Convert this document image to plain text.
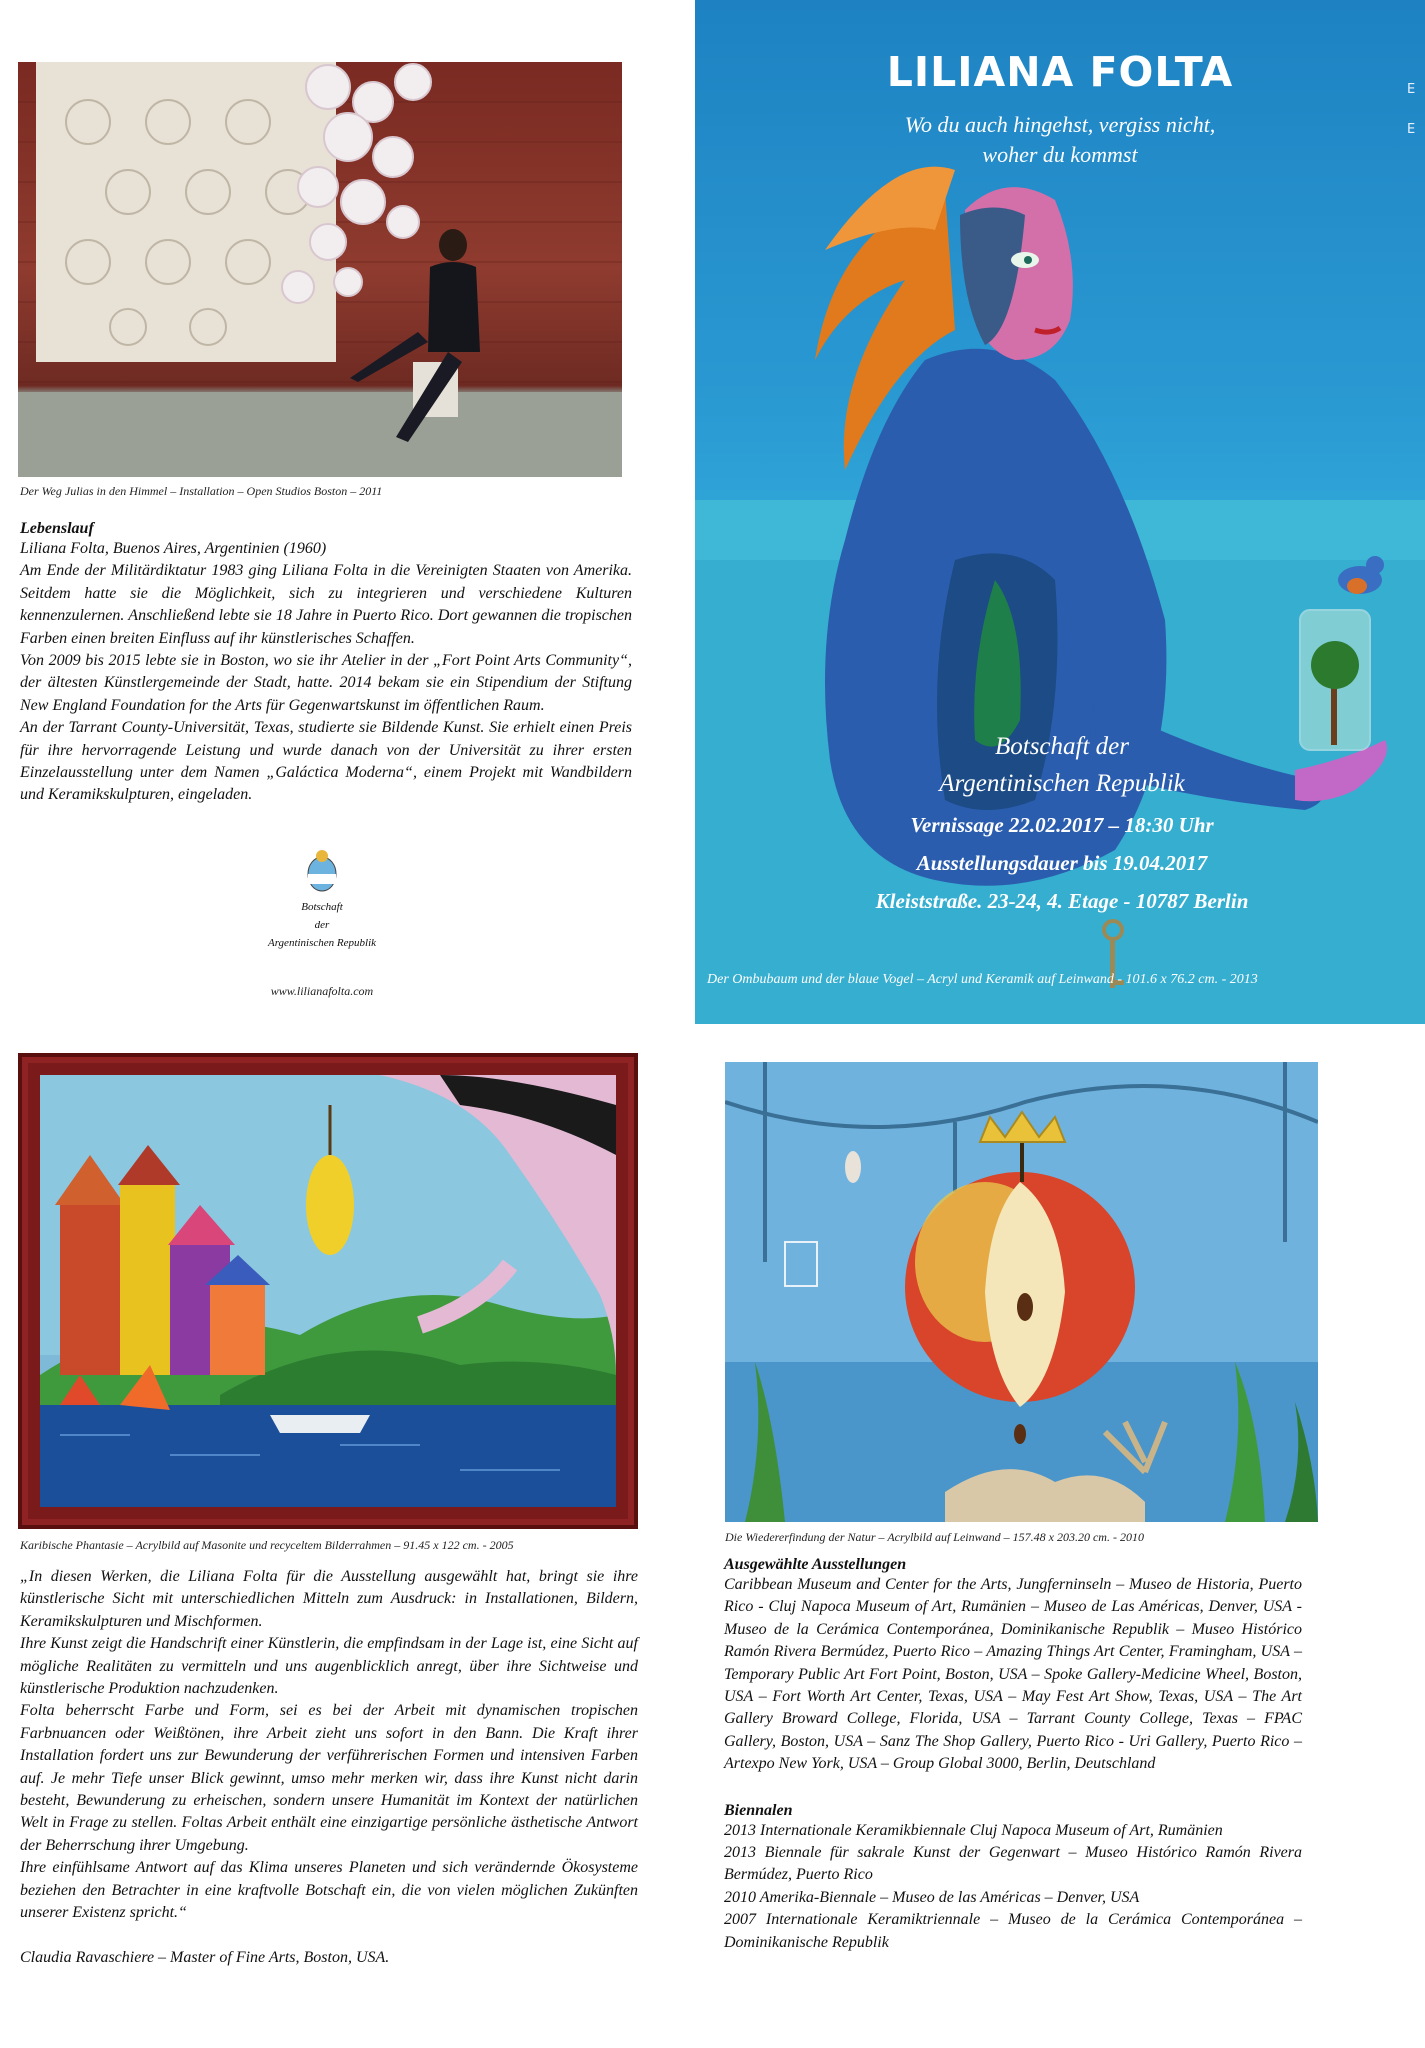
Der Weg Julias in den Himmel – Installation – Open Studios Boston – 2011
Lebenslauf
Liliana Folta, Buenos Aires, Argentinien (1960)
Am Ende der Militärdiktatur 1983 ging Liliana Folta in die Vereinigten Staaten von Amerika. Seitdem hatte sie die Möglichkeit, sich zu integrieren und verschiedene Kulturen kennenzulernen. Anschließend lebte sie 18 Jahre in Puerto Rico. Dort gewannen die tropischen Farben einen breiten Einfluss auf ihr künstlerisches Schaffen.
Von 2009 bis 2015 lebte sie in Boston, wo sie ihr Atelier in der „Fort Point Arts Community“, der ältesten Künstlergemeinde der Stadt, hatte. 2014 bekam sie ein Stipendium der Stiftung New England Foundation for the Arts für Gegenwartskunst im öffentlichen Raum.
An der Tarrant County-Universität, Texas, studierte sie Bildende Kunst. Sie erhielt einen Preis für ihre hervorragende Leistung und wurde danach von der Universität zu ihrer ersten Einzelausstellung unter dem Namen „Galáctica Moderna“, einem Projekt mit Wandbildern und Keramikskulpturen, eingeladen.
Botschaft
der
Argentinischen Republik
www.lilianafolta.com
LILIANA FOLTA
Wo du auch hingehst, vergiss nicht,
woher du kommst
Botschaft der
Argentinischen Republik
Vernissage 22.02.2017 – 18:30 Uhr
Ausstellungsdauer bis 19.04.2017
Kleiststraße. 23-24, 4. Etage - 10787 Berlin
E E
Der Ombubaum und der blaue Vogel – Acryl und Keramik auf Leinwand - 101.6 x 76.2 cm. - 2013
Karibische Phantasie – Acrylbild auf Masonite und recyceltem Bilderrahmen – 91.45 x 122 cm. - 2005
Die Wiedererfindung der Natur – Acrylbild auf Leinwand – 157.48 x 203.20 cm. - 2010
„In diesen Werken, die Liliana Folta für die Ausstellung ausgewählt hat, bringt sie ihre künstlerische Sicht mit unterschiedlichen Mitteln zum Ausdruck: in Installationen, Bildern, Keramikskulpturen und Mischformen.
Ihre Kunst zeigt die Handschrift einer Künstlerin, die empfindsam in der Lage ist, eine Sicht auf mögliche Realitäten zu vermitteln und uns augenblicklich anregt, über ihre Sichtweise und künstlerische Produktion nachzudenken.
Folta beherrscht Farbe und Form, sei es bei der Arbeit mit dynamischen tropischen Farbnuancen oder Weißtönen, ihre Arbeit zieht uns sofort in den Bann. Die Kraft ihrer Installation fordert uns zur Bewunderung der verführerischen Formen und intensiven Farben auf. Je mehr Tiefe unser Blick gewinnt, umso mehr merken wir, dass ihre Kunst nicht darin besteht, Bewunderung zu erheischen, sondern unsere Humanität im Kontext der natürlichen Welt in Frage zu stellen. Foltas Arbeit enthält eine einzigartige persönliche ästhetische Antwort der Beherrschung ihrer Umgebung.
Ihre einfühlsame Antwort auf das Klima unseres Planeten und sich verändernde Ökosysteme beziehen den Betrachter in eine kraftvolle Botschaft ein, die von vielen möglichen Zukünften unserer Existenz spricht.“
Claudia Ravaschiere – Master of Fine Arts, Boston, USA.
Ausgewählte Ausstellungen
Caribbean Museum and Center for the Arts, Jungferninseln – Museo de Historia, Puerto Rico - Cluj Napoca Museum of Art, Rumänien – Museo de Las Américas, Denver, USA - Museo de la Cerámica Contemporánea, Dominikanische Republik – Museo Histórico Ramón Rivera Bermúdez, Puerto Rico – Amazing Things Art Center, Framingham, USA –Temporary Public Art Fort Point, Boston, USA – Spoke Gallery-Medicine Wheel, Boston, USA – Fort Worth Art Center, Texas, USA – May Fest Art Show, Texas, USA – The Art Gallery Broward College, Florida, USA – Tarrant County College, Texas – FPAC Gallery, Boston, USA – Sanz The Shop Gallery, Puerto Rico - Uri Gallery, Puerto Rico – Artexpo New York, USA – Group Global 3000, Berlin, Deutschland
Biennalen
2013 Internationale Keramikbiennale Cluj Napoca Museum of Art, Rumänien
2013 Biennale für sakrale Kunst der Gegenwart – Museo Histórico Ramón Rivera Bermúdez, Puerto Rico
2010 Amerika-Biennale – Museo de las Américas – Denver, USA
2007 Internationale Keramiktriennale – Museo de la Cerámica Contemporánea – Dominikanische Republik
